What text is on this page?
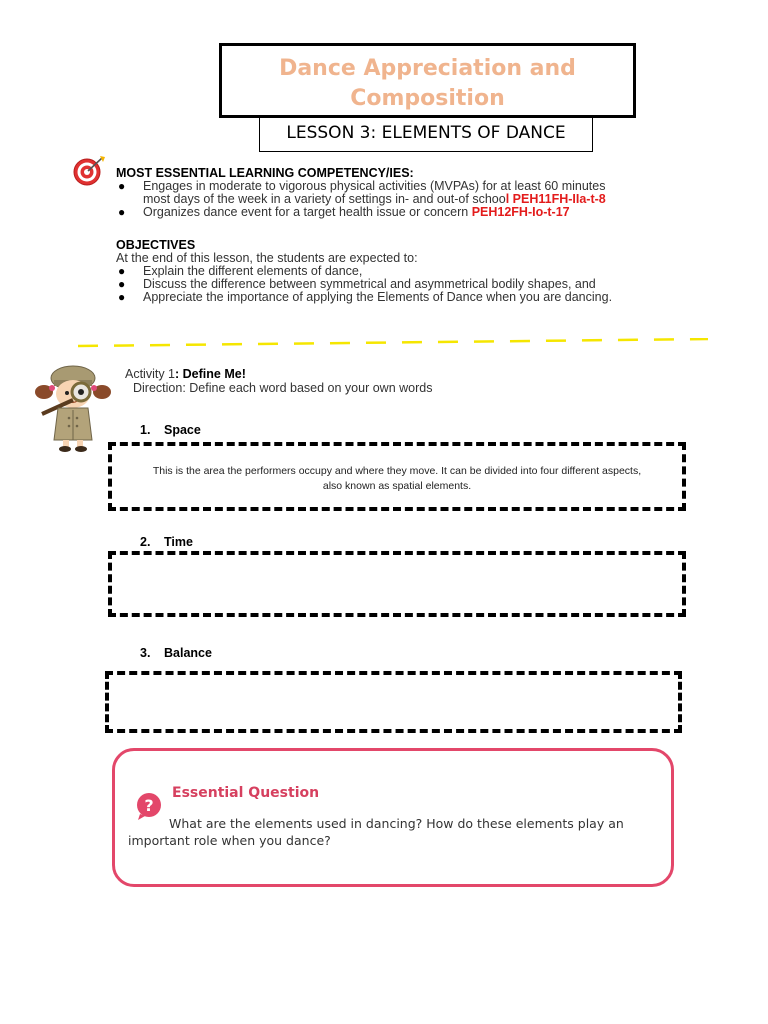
Dance Appreciation and
Composition
LESSON 3: ELEMENTS OF DANCE
MOST ESSENTIAL LEARNING COMPETENCY/IES:
● Engages in moderate to vigorous physical activities (MVPAs) for at least 60 minutes
most days of the week in a variety of settings in- and out-of school PEH11FH-IIa-t-8
● Organizes dance event for a target health issue or concern PEH12FH-Io-t-17
OBJECTIVES
At the end of this lesson, the students are expected to:
● Explain the different elements of dance,
● Discuss the difference between symmetrical and asymmetrical bodily shapes, and
● Appreciate the importance of applying the Elements of Dance when you are dancing.
Activity 1: Define Me!
Direction: Define each word based on your own words
1. Space
This is the area the performers occupy and where they move. It can be divided into four different aspects,
also known as spatial elements.
2. Time
3. Balance
?
Essential Question
What are the elements used in dancing? How do these elements play an important role when you dance?
